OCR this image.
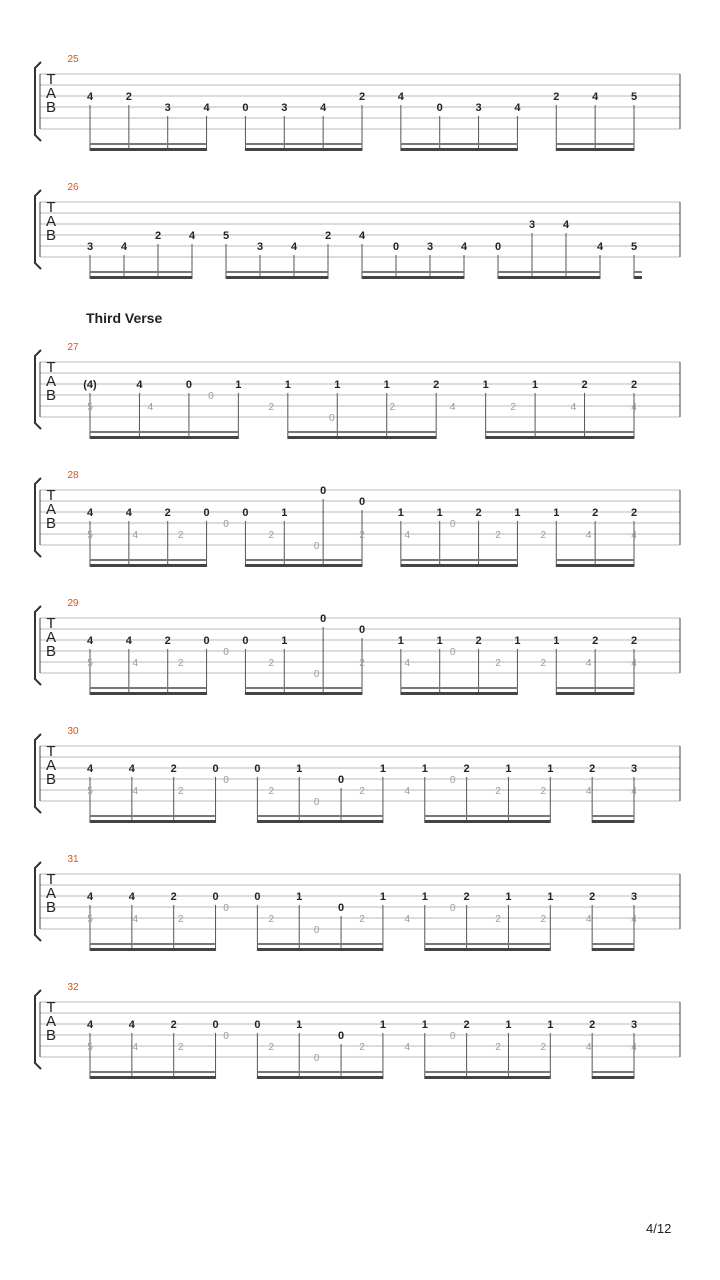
T
A
B
25
4	2
3	4	0	3	4
2	4
0	3	4
2	4	5
T
A
B
26
3	4
2	4	5
3	4
2	4
0	3	4	0
3	4
4	5
T
A
B
27
(4)	4	0	1	1	1	1	2	1	1	2	2
5	4
0
2
0
2	4	2	4	4
T
A
B
28
4	4	2	0	0	1
0
0
1	1	2	1	1	2	2
5	4	2
0
2
0
2	4
0
2	2	4	4
T
A
B
29
4	4	2	0	0	1
0
0
1	1	2	1	1	2	2
5	4	2
0
2
0
2	4
0
2	2	4	4
T
A
B
30
4	4	2	0	0	1
0
1	1	2	1	1	2	3
5	4	2
0
2
0
2	4
0
2	2	4	4
T
A
B
31
4	4	2	0	0	1
0
1	1	2	1	1	2	3
5	4	2
0
2
0
2	4
0
2	2	4	4
T
A
B
32
4	4	2	0	0	1
0
1	1	2	1	1	2	3
5	4	2
0
2
0
2	4
0
2	2	4	4
Third Verse
4/12
